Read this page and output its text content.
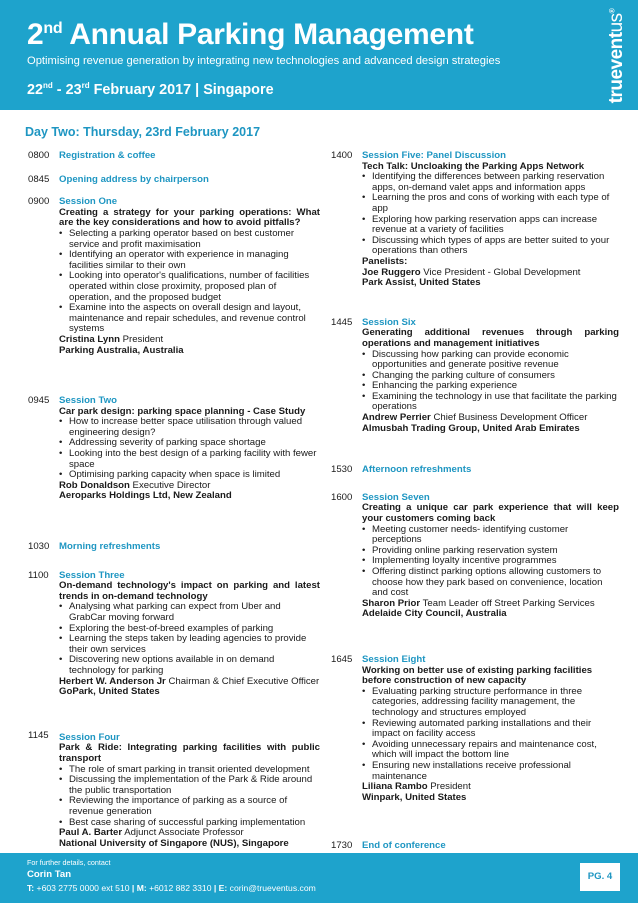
2nd Annual Parking Management
Optimising revenue generation by integrating new technologies and advanced design strategies
22nd - 23rd February 2017 | Singapore	trueventus®
Day Two: Thursday, 23rd February 2017
0800	Registration & coffee
0845	Opening address by chairperson
0900	Session One
Creating a strategy for your parking operations: What are the key considerations and how to avoid pitfalls?
• Selecting a parking operator based on best customer service and profit maximisation
• Identifying an operator with experience in managing facilities similar to their own
• Looking into operator's qualifications, number of facilities operated within close proximity, proposed plan of operation, and the proposed budget
• Examine into the aspects on overall design and layout, maintenance and repair schedules, and revenue control systems
Cristina Lynn President
Parking Australia, Australia
0945	Session Two
Car park design: parking space planning - Case Study
• How to increase better space utilisation through valued engineering design?
• Addressing severity of parking space shortage
• Looking into the best design of a parking facility with fewer space
• Optimising parking capacity when space is limited
Rob Donaldson Executive Director
Aeroparks Holdings Ltd, New Zealand
1030	Morning refreshments
1100	Session Three
On-demand technology's impact on parking and latest trends in on-demand technology
• Analysing what parking can expect from Uber and GrabCar moving forward
• Exploring the best-of-breed examples of parking
• Learning the steps taken by leading agencies to provide their own services
• Discovering new options available in on demand technology for parking
Herbert W. Anderson Jr Chairman & Chief Executive Officer
GoPark, United States
1145	Session Four
Park & Ride: Integrating parking facilities with public transport
• The role of smart parking in transit oriented development
• Discussing the implementation of the Park & Ride around the public transportation
• Reviewing the importance of parking as a source of revenue generation
• Best case sharing of successful parking implementation
Paul A. Barter Adjunct Associate Professor
National University of Singapore (NUS), Singapore
1400	Session Five: Panel Discussion
Tech Talk: Uncloaking the Parking Apps Network
• Identifying the differences between parking reservation apps, on-demand valet apps and information apps
• Learning the pros and cons of working with each type of app
• Exploring how parking reservation apps can increase revenue at a variety of facilities
• Discussing which types of apps are better suited to your operations than others
Panelists:
Joe Ruggero Vice President - Global Development
Park Assist, United States
1445	Session Six
Generating additional revenues through parking operations and management initiatives
• Discussing how parking can provide economic opportunities and generate positive revenue
• Changing the parking culture of consumers
• Enhancing the parking experience
• Examining the technology in use that facilitate the parking operations
Andrew Perrier Chief Business Development Officer
Almusbah Trading Group, United Arab Emirates
1530	Afternoon refreshments
1600	Session Seven
Creating a unique car park experience that will keep your customers coming back
• Meeting customer needs- identifying customer perceptions
• Providing online parking reservation system
• Implementing loyalty incentive programmes
• Offering distinct parking options allowing customers to choose how they park based on convenience, location and cost
Sharon Prior Team Leader off Street Parking Services
Adelaide City Council, Australia
1645	Session Eight
Working on better use of existing parking facilities before construction of new capacity
• Evaluating parking structure performance in three categories, addressing facility management, the technology and structures employed
• Reviewing automated parking installations and their impact on facility access
• Avoiding unnecessary repairs and maintenance cost, which will impact the bottom line
• Ensuring new installations receive professional maintenance
Liliana Rambo President
Winpark, United States
1730	End of conference
For further details, contact
Corin Tan
T: +603 2775 0000 ext 510 | M: +6012 882 3310 | E: corin@trueventus.com
PG. 4
